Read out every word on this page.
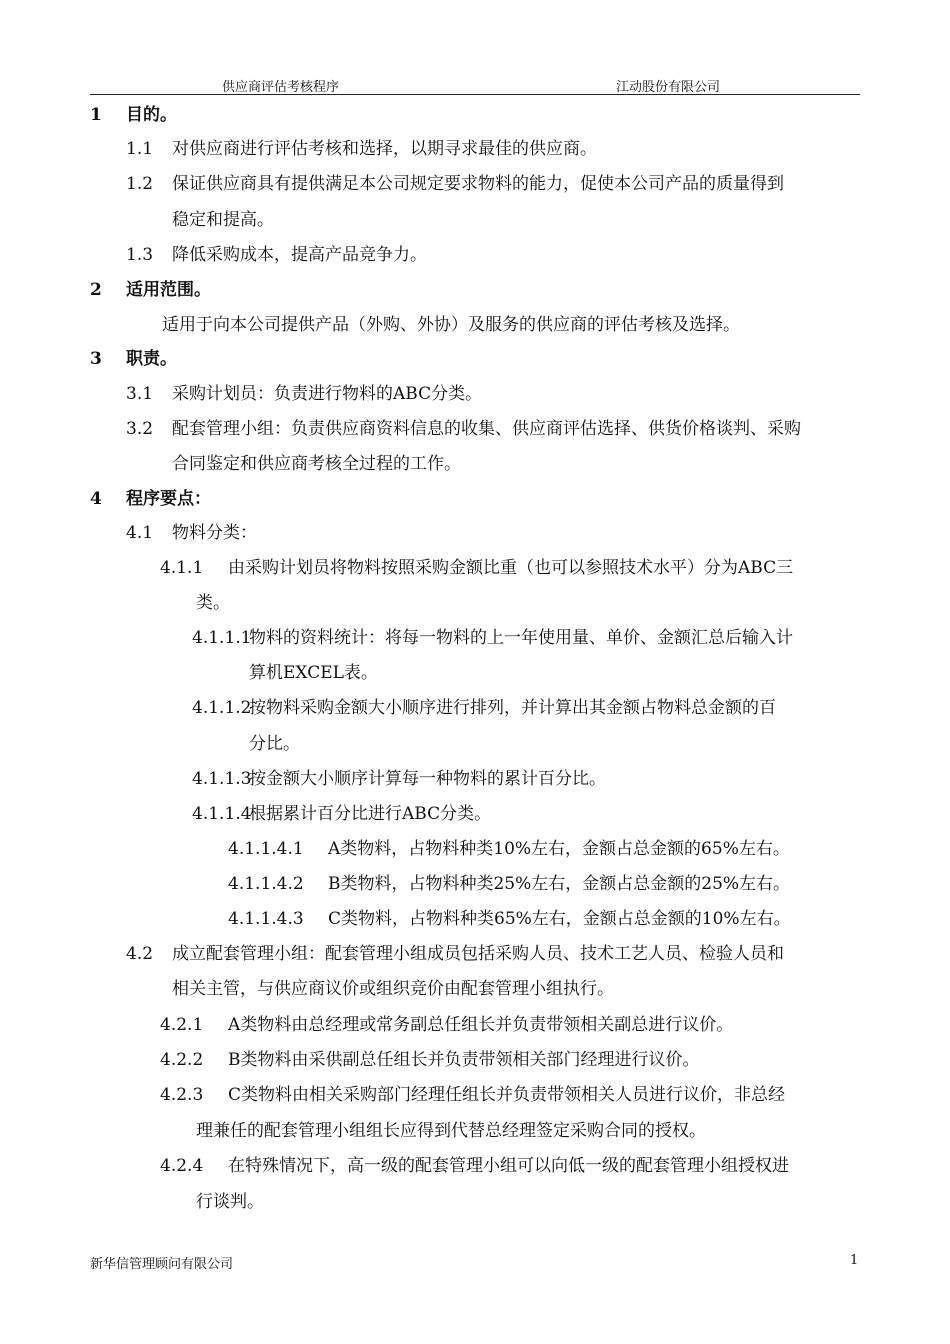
供应商评估考核程序	江动股份有限公司
1 目的。
1.1 对供应商进行评估考核和选择，以期寻求最佳的供应商。
1.2 保证供应商具有提供满足本公司规定要求物料的能力，促使本公司产品的质量得到
稳定和提高。
1.3 降低采购成本，提高产品竞争力。
2 适用范围。
适用于向本公司提供产品（外购、外协）及服务的供应商的评估考核及选择。
3 职责。
3.1 采购计划员：负责进行物料的ABC分类。
3.2 配套管理小组：负责供应商资料信息的收集、供应商评估选择、供货价格谈判、采购
合同鉴定和供应商考核全过程的工作。
4 程序要点：
4.1 物料分类：
4.1.1 由采购计划员将物料按照采购金额比重（也可以参照技术水平）分为ABC三
类。
4.1.1.1物料的资料统计：将每一物料的上一年使用量、单价、金额汇总后输入计
算机EXCEL表。
4.1.1.2按物料采购金额大小顺序进行排列，并计算出其金额占物料总金额的百
分比。
4.1.1.3按金额大小顺序计算每一种物料的累计百分比。
4.1.1.4根据累计百分比进行ABC分类。
4.1.1.4.1 A类物料，占物料种类10%左右，金额占总金额的65%左右。
4.1.1.4.2 B类物料，占物料种类25%左右，金额占总金额的25%左右。
4.1.1.4.3 C类物料，占物料种类65%左右，金额占总金额的10%左右。
4.2 成立配套管理小组：配套管理小组成员包括采购人员、技术工艺人员、检验人员和
相关主管，与供应商议价或组织竞价由配套管理小组执行。
4.2.1 A类物料由总经理或常务副总任组长并负责带领相关副总进行议价。
4.2.2 B类物料由采供副总任组长并负责带领相关部门经理进行议价。
4.2.3 C类物料由相关采购部门经理任组长并负责带领相关人员进行议价，非总经
理兼任的配套管理小组组长应得到代替总经理签定采购合同的授权。
4.2.4 在特殊情况下，高一级的配套管理小组可以向低一级的配套管理小组授权进
行谈判。
新华信管理顾问有限公司	1
